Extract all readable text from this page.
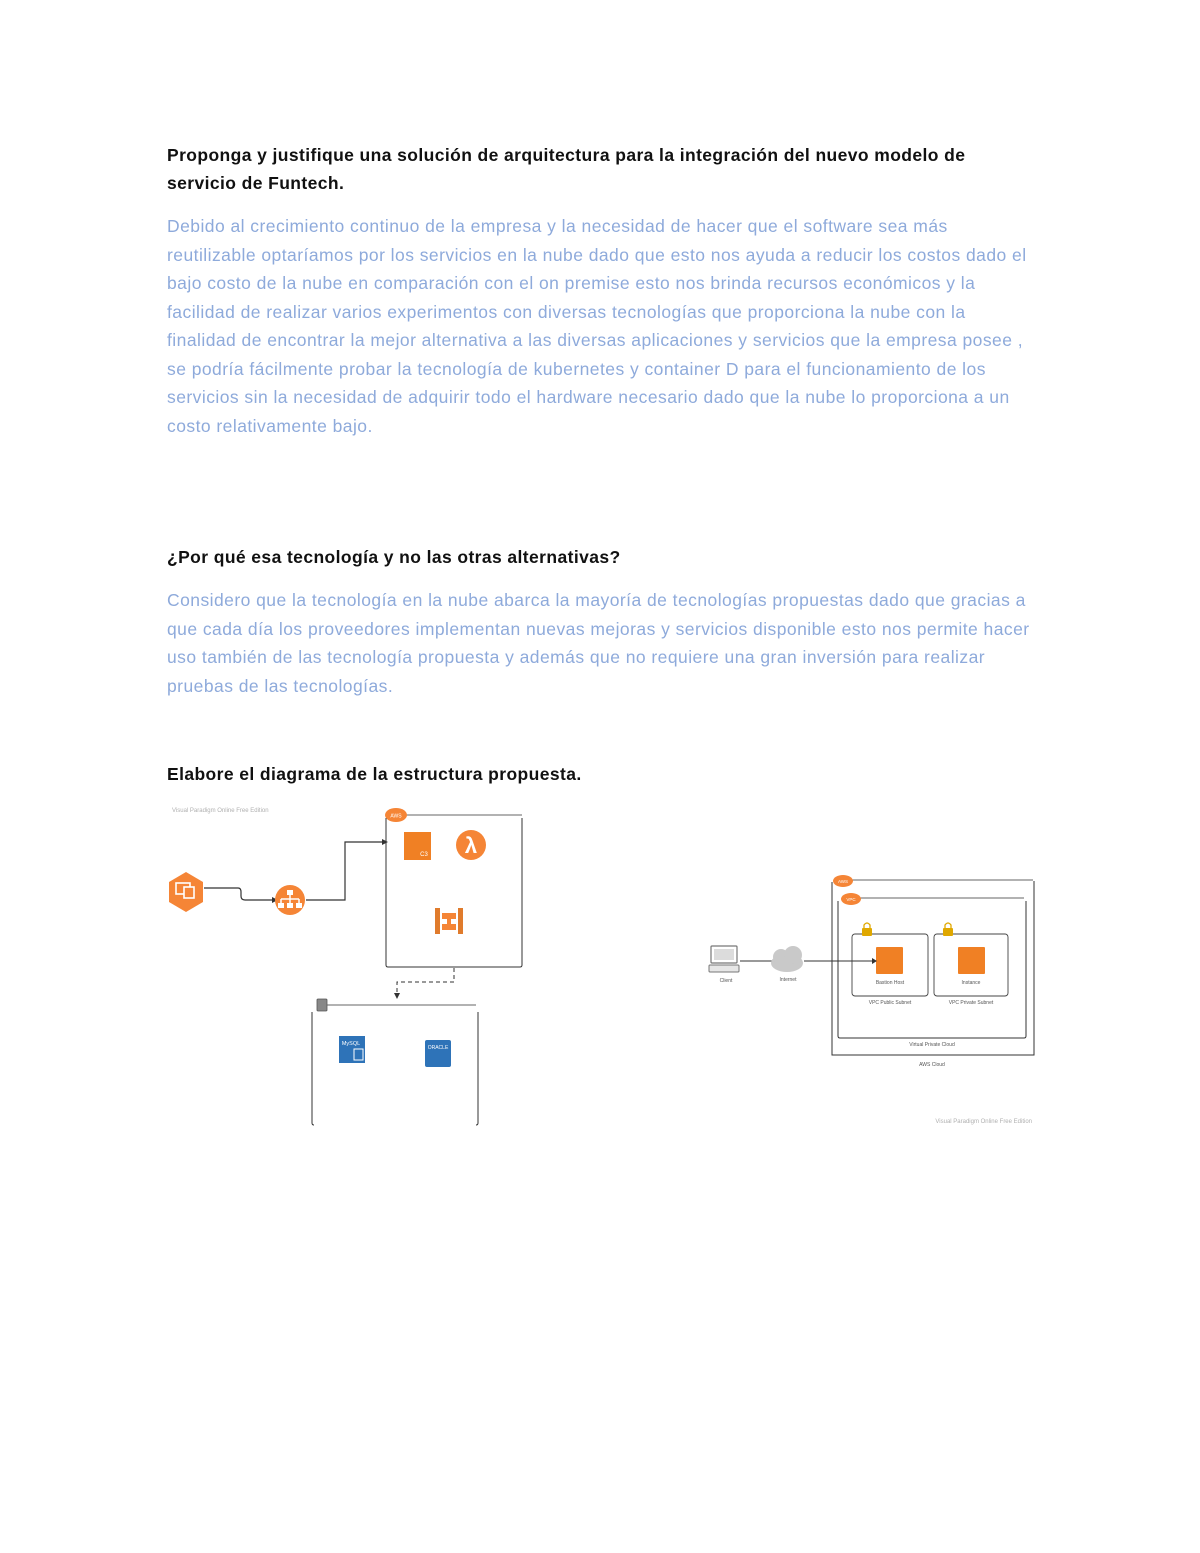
Proponga y justifique una solución de arquitectura para la integración del nuevo modelo de servicio de Funtech.

Debido al crecimiento continuo de la empresa y la necesidad de hacer que el software sea más reutilizable optaríamos por los servicios en la nube dado que esto nos ayuda a reducir los costos dado el bajo costo de la nube en comparación con el on premise esto nos brinda recursos económicos y la facilidad de realizar varios experimentos con diversas tecnologías que proporciona la nube con la finalidad de encontrar la mejor alternativa a las diversas aplicaciones y servicios que la empresa posee , se podría fácilmente probar la tecnología de kubernetes y container D para el funcionamiento de los servicios sin la necesidad de adquirir todo el hardware necesario dado que la nube lo proporciona a un costo relativamente bajo.

¿Por qué esa tecnología y no las otras alternativas?

Considero que la tecnología en la nube abarca la mayoría de tecnologías propuestas dado que gracias a que cada día los proveedores implementan nuevas mejoras y servicios disponible esto nos permite hacer uso también de las tecnología propuesta y además que no requiere una gran inversión para realizar pruebas de las tecnologías.

Elabore el diagrama de la estructura propuesta.

Visual Paradigm Online Free Edition
AWS
C3 λ
MySQL
ORACLE
AWS
VPC
Bastion Host
VPC Public Subnet
Instance
VPC Private Subnet
Virtual Private Cloud
AWS Cloud
Client	Internet
Visual Paradigm Online Free Edition
